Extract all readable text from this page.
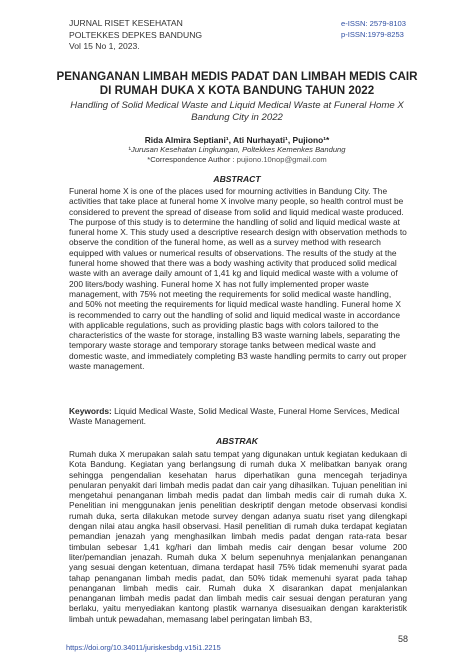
JURNAL RISET KESEHATAN
POLTEKKES DEPKES BANDUNG
Vol 15 No 1, 2023.
e-ISSN: 2579-8103
p-ISSN:1979-8253
PENANGANAN LIMBAH MEDIS PADAT DAN LIMBAH MEDIS CAIR DI RUMAH DUKA X KOTA BANDUNG TAHUN 2022
Handling of Solid Medical Waste and Liquid Medical Waste at Funeral Home X Bandung City in 2022
Rida Almira Septiani¹, Ati Nurhayati¹, Pujiono¹*
¹Jurusan Kesehatan Lingkungan, Poltekkes Kemenkes Bandung
*Correspondence Author : pujiono.10nop@gmail.com
ABSTRACT

Funeral home X is one of the places used for mourning activities in Bandung City. The activities that take place at funeral home X involve many people, so health control must be considered to prevent the spread of disease from solid and liquid medical waste produced. The purpose of this study is to determine the handling of solid and liquid medical waste at funeral home X. This study used a descriptive research design with observation methods to observe the condition of the funeral home, as well as a survey method with research equipped with values or numerical results of observations. The results of the study at the funeral home showed that there was a body washing activity that produced solid medical waste with an average daily amount of 1,41 kg and liquid medical waste with a volume of 200 liters/body washing. Funeral home X has not fully implemented proper waste management, with 75% not meeting the requirements for solid medical waste handling, and 50% not meeting the requirements for liquid medical waste handling. Funeral home X is recommended to carry out the handling of solid and liquid medical waste in accordance with applicable regulations, such as providing plastic bags with colors tailored to the characteristics of the waste for storage, installing B3 waste warning labels, separating the temporary waste storage and temporary storage tanks between medical waste and domestic waste, and immediately completing B3 waste handling permits to carry out proper waste management.

Keywords: Liquid Medical Waste, Solid Medical Waste, Funeral Home Services, Medical Waste Management.

ABSTRAK

Rumah duka X merupakan salah satu tempat yang digunakan untuk kegiatan kedukaan di Kota Bandung. Kegiatan yang berlangsung di rumah duka X melibatkan banyak orang sehingga pengendalian kesehatan harus diperhatikan guna mencegah terjadinya penularan penyakit dari limbah medis padat dan cair yang dihasilkan. Tujuan penelitian ini mengetahui penanganan limbah medis padat dan limbah medis cair di rumah duka X. Penelitian ini menggunakan jenis penelitian deskriptif dengan metode observasi kondisi rumah duka, serta dilakukan metode survey dengan adanya suatu riset yang dilengkapi dengan nilai atau angka hasil observasi. Hasil penelitian di rumah duka terdapat kegiatan pemandian jenazah yang menghasilkan limbah medis padat dengan rata-rata besar timbulan sebesar 1,41 kg/hari dan limbah medis cair dengan besar volume 200 liter/pemandian jenazah. Rumah duka X belum sepenuhnya menjalankan penanganan yang sesuai dengan ketentuan, dimana terdapat hasil 75% tidak memenuhi syarat pada tahap penanganan limbah medis padat, dan 50% tidak memenuhi syarat pada tahap penanganan limbah medis cair. Rumah duka X disarankan dapat menjalankan penanganan limbah medis padat dan limbah medis cair sesuai dengan peraturan yang berlaku, yaitu menyediakan kantong plastik warnanya disesuaikan dengan karakteristik limbah untuk pewadahan, memasang label peringatan limbah B3,

https://doi.org/10.34011/juriskesbdg.v15i1.2215
58
